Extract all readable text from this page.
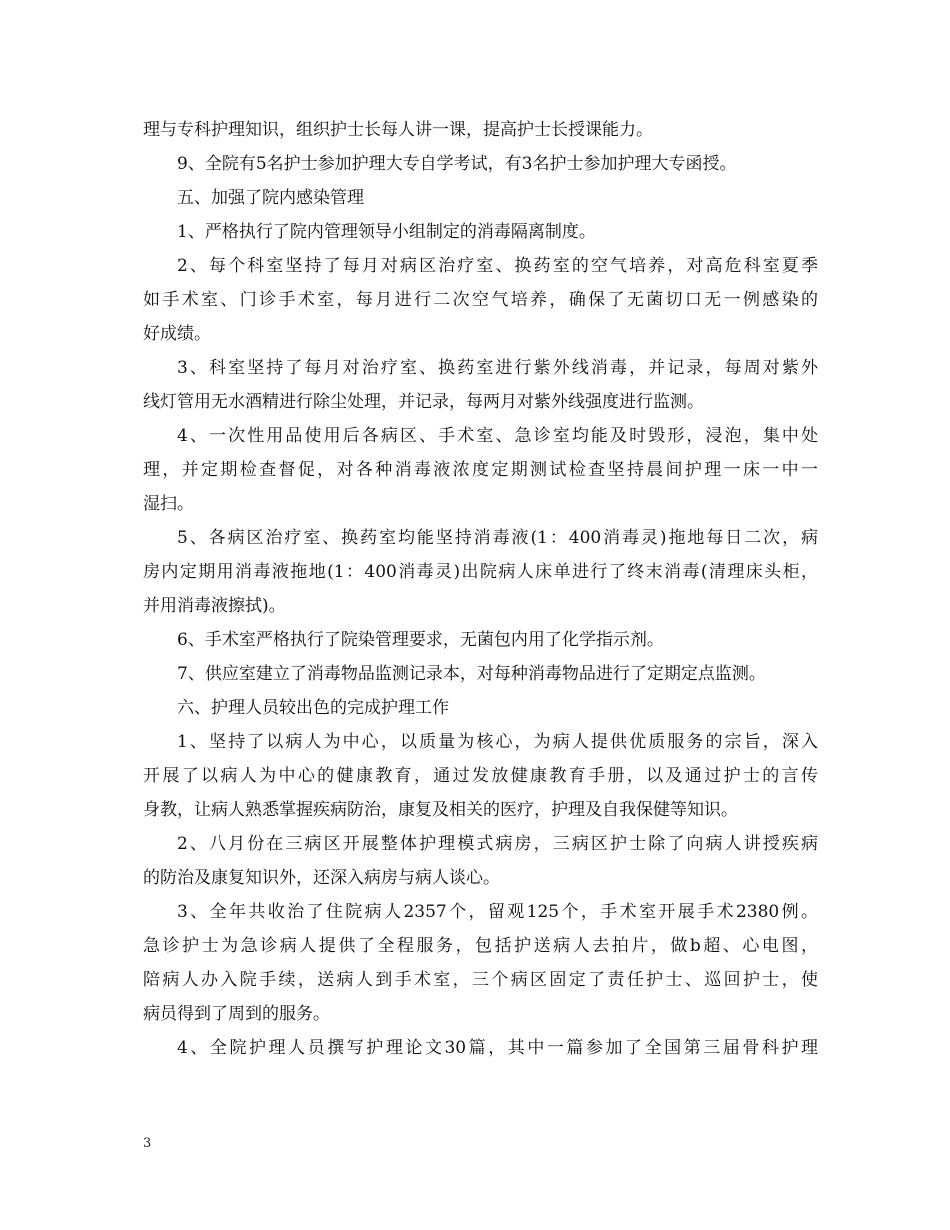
理与专科护理知识，组织护士长每人讲一课，提高护士长授课能力。
9、全院有5名护士参加护理大专自学考试，有3名护士参加护理大专函授。
五、加强了院内感染管理
1、严格执行了院内管理领导小组制定的消毒隔离制度。
2、每个科室坚持了每月对病区治疗室、换药室的空气培养，对高危科室夏季
如手术室、门诊手术室，每月进行二次空气培养，确保了无菌切口无一例感染的
好成绩。
3、科室坚持了每月对治疗室、换药室进行紫外线消毒，并记录，每周对紫外
线灯管用无水酒精进行除尘处理，并记录，每两月对紫外线强度进行监测。
4、一次性用品使用后各病区、手术室、急诊室均能及时毁形，浸泡，集中处
理，并定期检查督促，对各种消毒液浓度定期测试检查坚持晨间护理一床一中一
湿扫。
5、各病区治疗室、换药室均能坚持消毒液(1：400消毒灵)拖地每日二次，病
房内定期用消毒液拖地(1：400消毒灵)出院病人床单进行了终末消毒(清理床头柜，
并用消毒液擦拭)。
6、手术室严格执行了院染管理要求，无菌包内用了化学指示剂。
7、供应室建立了消毒物品监测记录本，对每种消毒物品进行了定期定点监测。
六、护理人员较出色的完成护理工作
1、坚持了以病人为中心，以质量为核心，为病人提供优质服务的宗旨，深入
开展了以病人为中心的健康教育，通过发放健康教育手册，以及通过护士的言传
身教，让病人熟悉掌握疾病防治，康复及相关的医疗，护理及自我保健等知识。
2、八月份在三病区开展整体护理模式病房，三病区护士除了向病人讲授疾病
的防治及康复知识外，还深入病房与病人谈心。
3、全年共收治了住院病人2357个，留观125个，手术室开展手术2380例。
急诊护士为急诊病人提供了全程服务，包括护送病人去拍片，做b超、心电图，
陪病人办入院手续，送病人到手术室，三个病区固定了责任护士、巡回护士，使
病员得到了周到的服务。
4、全院护理人员撰写护理论文30篇，其中一篇参加了全国第三届骨科护理
3
